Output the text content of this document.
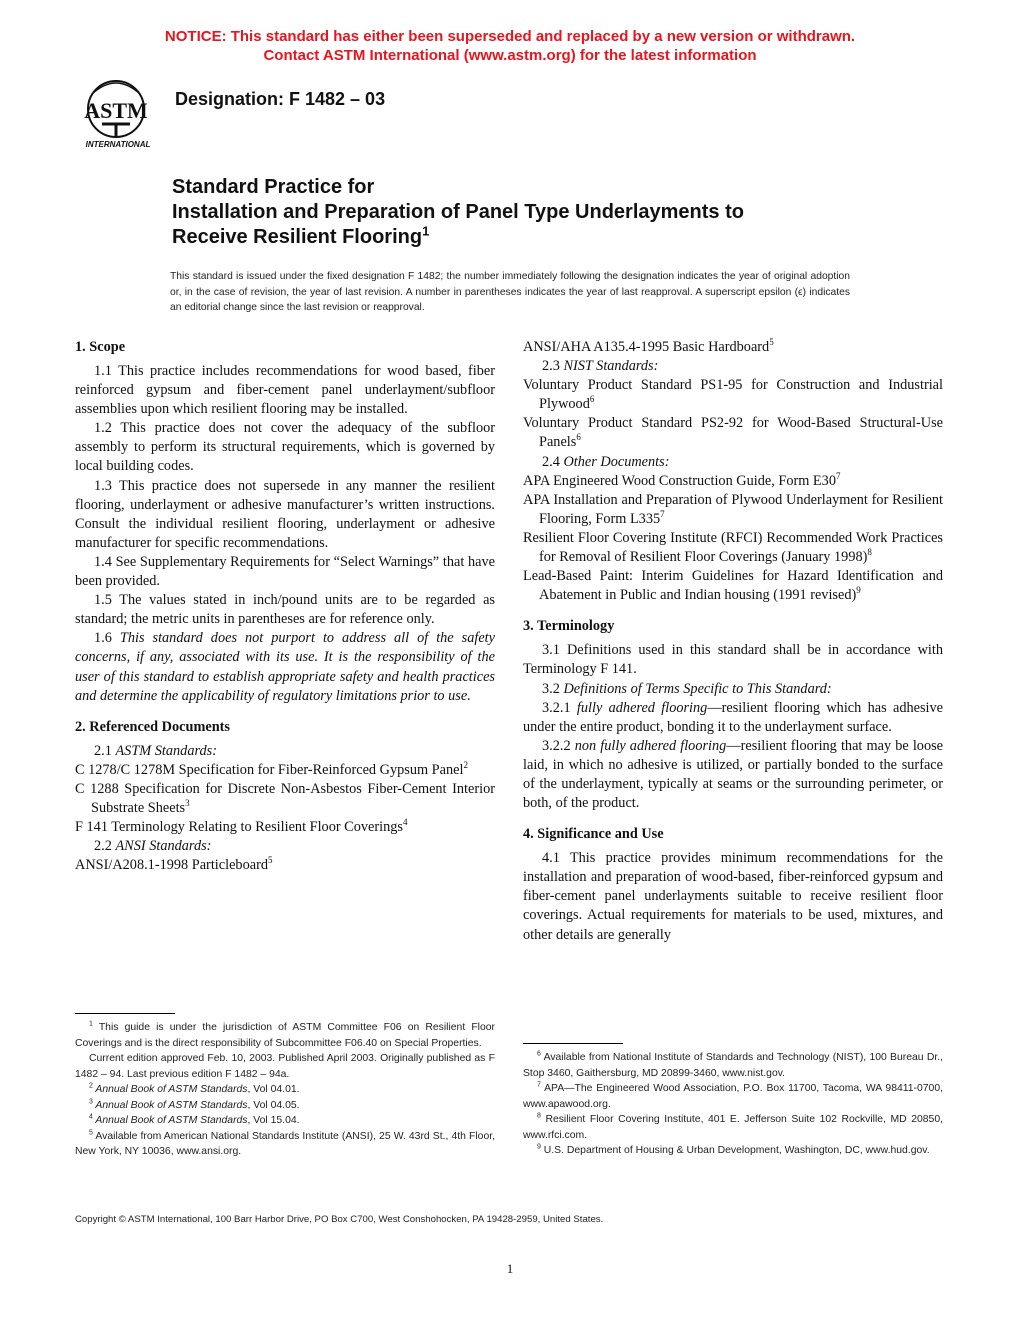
NOTICE: This standard has either been superseded and replaced by a new version or withdrawn.
Contact ASTM International (www.astm.org) for the latest information
ASTM
INTERNATIONAL
Designation: F 1482 – 03
Standard Practice for
Installation and Preparation of Panel Type Underlayments to
Receive Resilient Flooring$^1$
This standard is issued under the fixed designation F 1482; the number immediately following the designation indicates the year of original adoption or, in the case of revision, the year of last revision. A number in parentheses indicates the year of last reapproval. A superscript epsilon (ϵ) indicates an editorial change since the last revision or reapproval.
1. Scope

1.1 This practice includes recommendations for wood based, fiber reinforced gypsum and fiber-cement panel underlayment/subfloor assemblies upon which resilient flooring may be installed.

1.2 This practice does not cover the adequacy of the subfloor assembly to perform its structural requirements, which is governed by local building codes.

1.3 This practice does not supersede in any manner the resilient flooring, underlayment or adhesive manufacturer’s written instructions. Consult the individual resilient flooring, underlayment or adhesive manufacturer for specific recommendations.

1.4 See Supplementary Requirements for “Select Warnings” that have been provided.

1.5 The values stated in inch/pound units are to be regarded as standard; the metric units in parentheses are for reference only.

1.6 This standard does not purport to address all of the safety concerns, if any, associated with its use. It is the responsibility of the user of this standard to establish appropriate safety and health practices and determine the applicability of regulatory limitations prior to use.

2. Referenced Documents

2.1 ASTM Standards:

C 1278/C 1278M Specification for Fiber-Reinforced Gypsum Panel$^2$
C 1288 Specification for Discrete Non-Asbestos Fiber-Cement Interior Substrate Sheets$^3$
F 141 Terminology Relating to Resilient Floor Coverings$^4$

2.2 ANSI Standards:

ANSI/A208.1-1998 Particleboard$^5$
ANSI/AHA A135.4-1995 Basic Hardboard$^5$

2.3 NIST Standards:

Voluntary Product Standard PS1-95 for Construction and Industrial Plywood$^6$
Voluntary Product Standard PS2-92 for Wood-Based Structural-Use Panels$^6$

2.4 Other Documents:

APA Engineered Wood Construction Guide, Form $E30^7$
APA Installation and Preparation of Plywood Underlayment for Resilient Flooring, Form $L335^7$
Resilient Floor Covering Institute (RFCI) Recommended Work Practices for Removal of Resilient Floor Coverings (January 1998)$^8$
Lead-Based Paint: Interim Guidelines for Hazard Identification and Abatement in Public and Indian housing (1991 revised)$^9$
3. Terminology

3.1 Definitions used in this standard shall be in accordance with Terminology F 141.

3.2 Definitions of Terms Specific to This Standard:

3.2.1 fully adhered flooring—resilient flooring which has adhesive under the entire product, bonding it to the underlayment surface.

3.2.2 non fully adhered flooring—resilient flooring that may be loose laid, in which no adhesive is utilized, or partially bonded to the surface of the underlayment, typically at seams or the surrounding perimeter, or both, of the product.

4. Significance and Use

4.1 This practice provides minimum recommendations for the installation and preparation of wood-based, fiber-reinforced gypsum and fiber-cement panel underlayments suitable to receive resilient floor coverings. Actual requirements for materials to be used, mixtures, and other details are generally

$^1$ This guide is under the jurisdiction of ASTM Committee F06 on Resilient Floor Coverings and is the direct responsibility of Subcommittee F06.40 on Special Properties.

Current edition approved Feb. 10, 2003. Published April 2003. Originally published as F 1482 – 94. Last previous edition F 1482 – 94a.

$^2$ Annual Book of ASTM Standards, Vol 04.01.

$^3$ Annual Book of ASTM Standards, Vol 04.05.

$^4$ Annual Book of ASTM Standards, Vol 15.04.

$^5$ Available from American National Standards Institute (ANSI), 25 W. 43rd St., 4th Floor, New York, NY 10036, www.ansi.org.

$^6$ Available from National Institute of Standards and Technology (NIST), 100 Bureau Dr., Stop 3460, Gaithersburg, MD 20899-3460, www.nist.gov.

$^7$ APA—The Engineered Wood Association, P.O. Box 11700, Tacoma, WA 98411-0700, www.apawood.org.

$^8$ Resilient Floor Covering Institute, 401 E. Jefferson Suite 102 Rockville, MD 20850, www.rfci.com.

$^9$ U.S. Department of Housing & Urban Development, Washington, DC, www.hud.gov.

Copyright © ASTM International, 100 Barr Harbor Drive, PO Box C700, West Conshohocken, PA 19428-2959, United States.
1
